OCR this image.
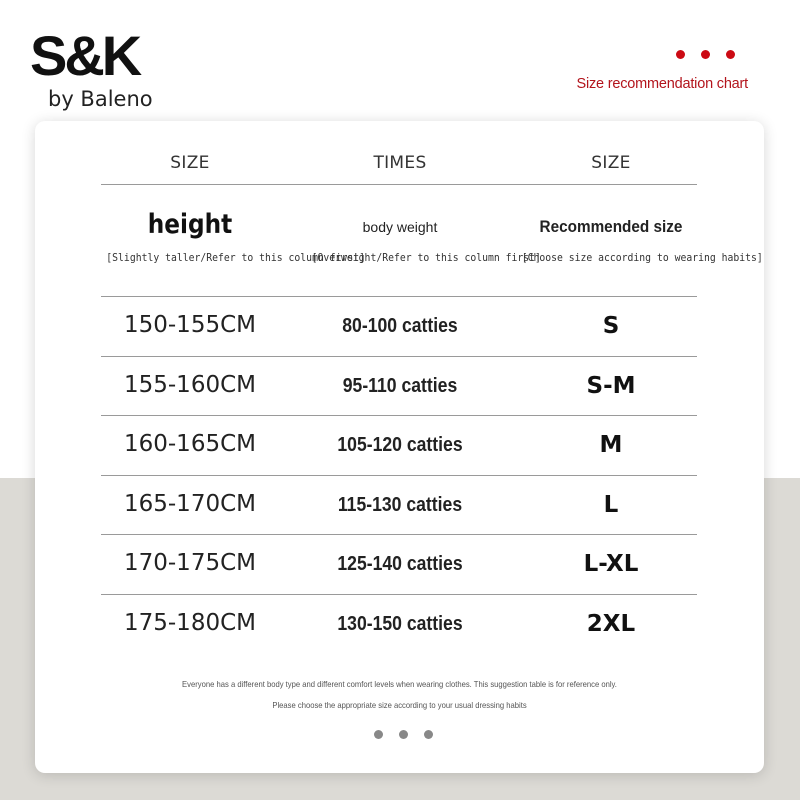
S&K
by Baleno
Size recommendation chart
SIZE	TIMES	SIZE
height	body weight	Recommended size
[Slightly taller/Refer to this column first]
[Overweight/Refer to this column first]
[Choose size according to wearing habits]
150-155CM	80-100 catties	S
155-160CM	95-110 catties	S-M
160-165CM	105-120 catties	M
165-170CM	115-130 catties	L
170-175CM	125-140 catties	L-XL
175-180CM	130-150 catties	2XL
Everyone has a different body type and different comfort levels when wearing clothes. This suggestion table is for reference only.
Please choose the appropriate size according to your usual dressing habits
